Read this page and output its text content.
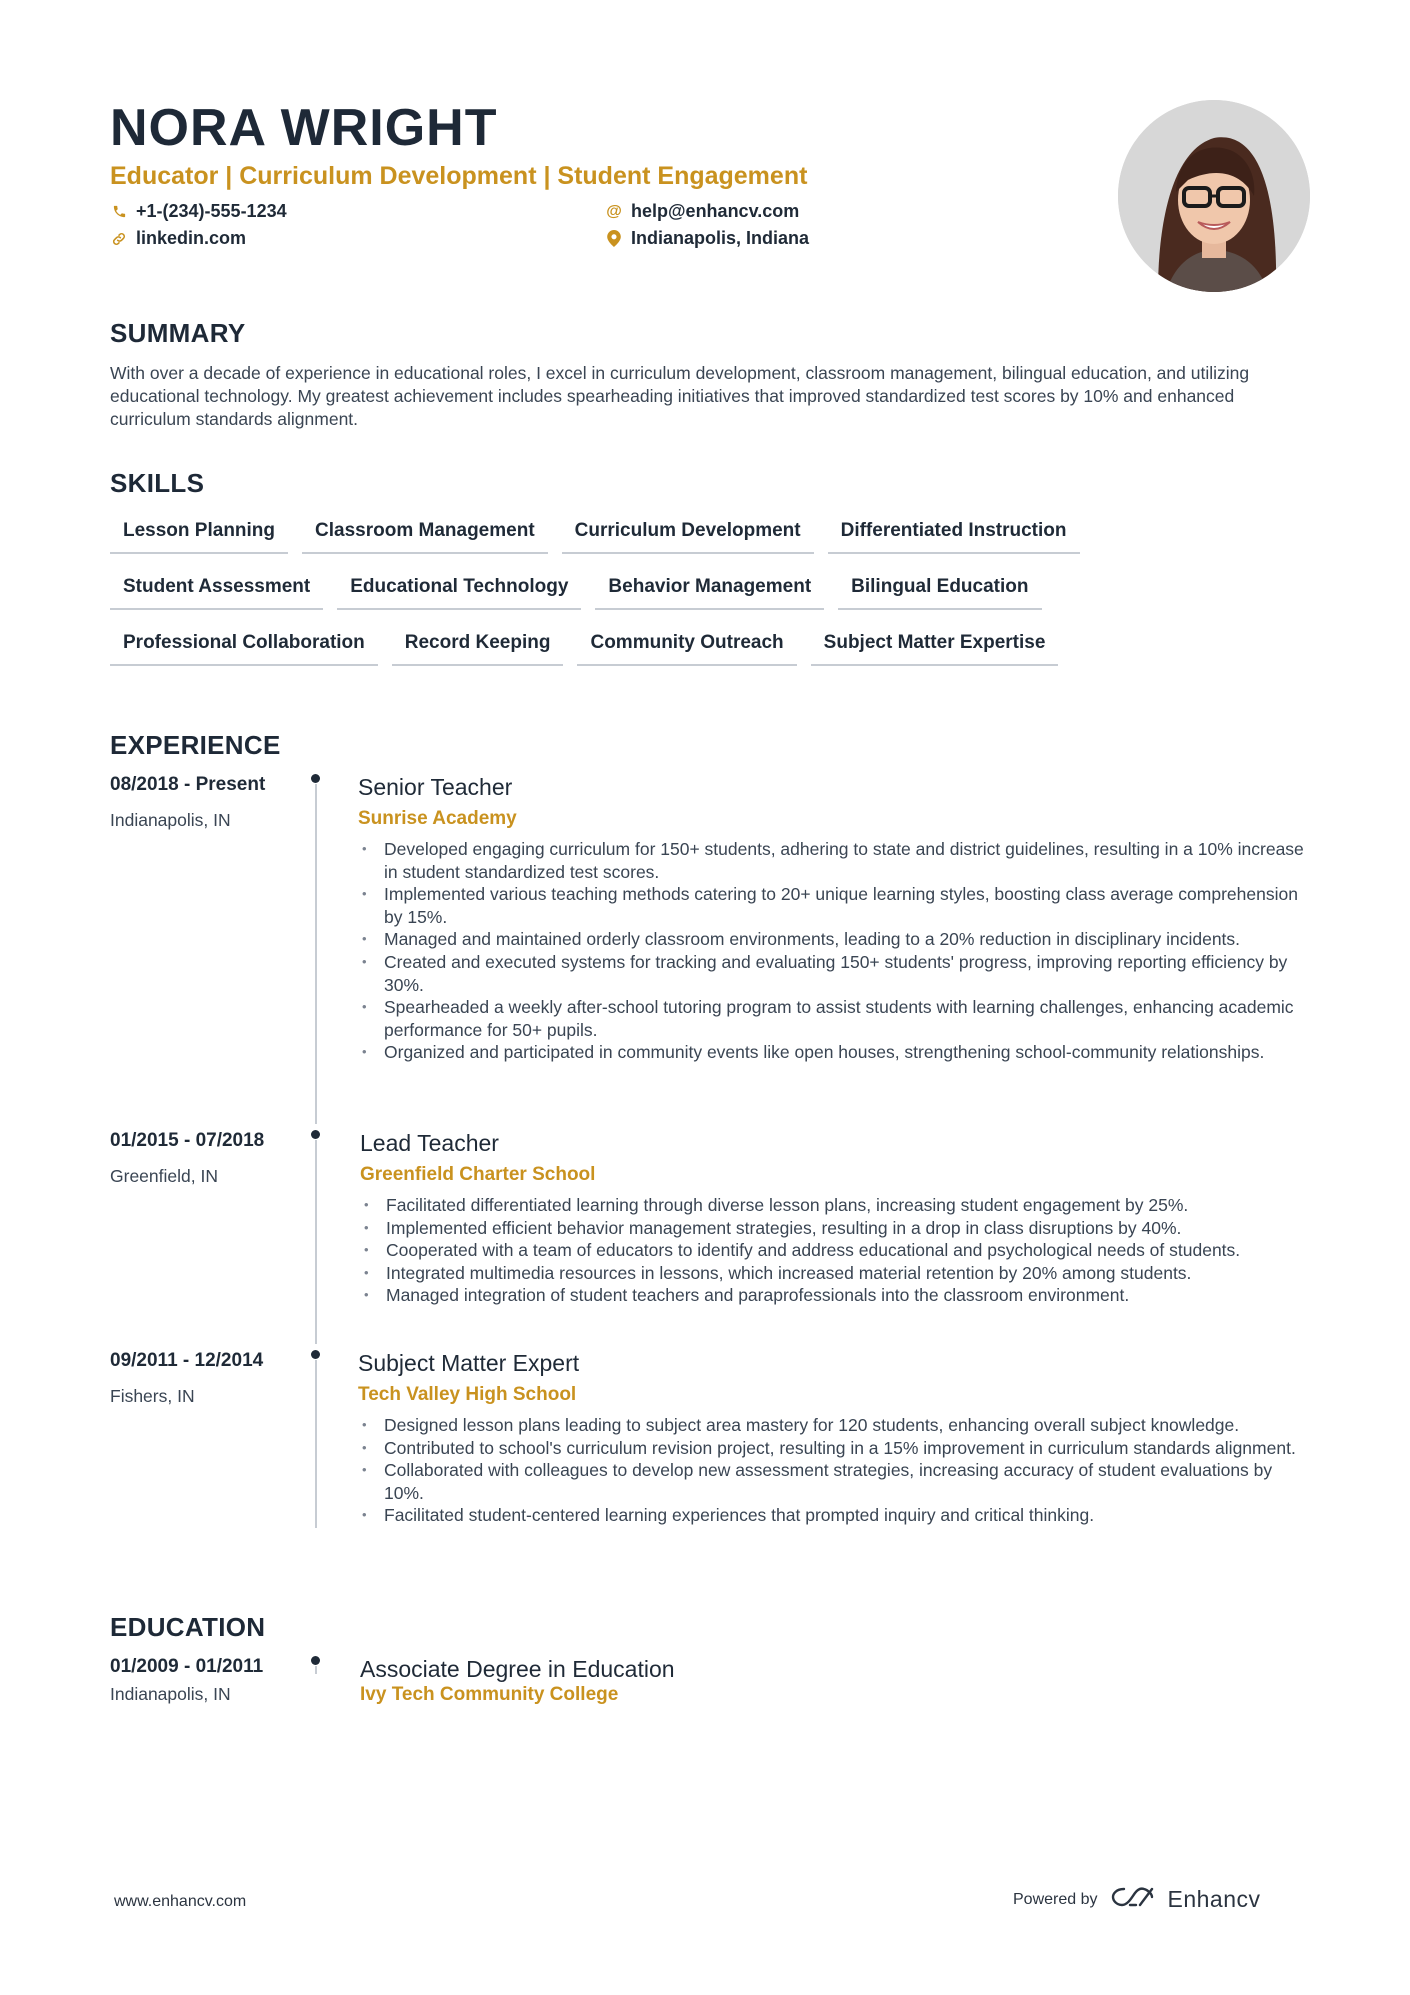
NORA WRIGHT
Educator | Curriculum Development | Student Engagement
+1-(234)-555-1234	@ help@enhancv.com
linkedin.com	Indianapolis, Indiana
SUMMARY
With over a decade of experience in educational roles, I excel in curriculum development, classroom management, bilingual education, and utilizing educational technology. My greatest achievement includes spearheading initiatives that improved standardized test scores by 10% and enhanced curriculum standards alignment.
SKILLS
Lesson Planning	Classroom Management	Curriculum Development	Differentiated Instruction
Student Assessment	Educational Technology	Behavior Management	Bilingual Education
Professional Collaboration	Record Keeping	Community Outreach	Subject Matter Expertise
EXPERIENCE
08/2018 - Present
Indianapolis, IN
Senior Teacher
Sunrise Academy
• Developed engaging curriculum for 150+ students, adhering to state and district guidelines, resulting in a 10% increase in student standardized test scores.
• Implemented various teaching methods catering to 20+ unique learning styles, boosting class average comprehension by 15%.
• Managed and maintained orderly classroom environments, leading to a 20% reduction in disciplinary incidents.
• Created and executed systems for tracking and evaluating 150+ students' progress, improving reporting efficiency by 30%.
• Spearheaded a weekly after-school tutoring program to assist students with learning challenges, enhancing academic performance for 50+ pupils.
• Organized and participated in community events like open houses, strengthening school-community relationships.
01/2015 - 07/2018
Greenfield, IN
Lead Teacher
Greenfield Charter School
• Facilitated differentiated learning through diverse lesson plans, increasing student engagement by 25%.
• Implemented efficient behavior management strategies, resulting in a drop in class disruptions by 40%.
• Cooperated with a team of educators to identify and address educational and psychological needs of students.
• Integrated multimedia resources in lessons, which increased material retention by 20% among students.
• Managed integration of student teachers and paraprofessionals into the classroom environment.
09/2011 - 12/2014
Fishers, IN
Subject Matter Expert
Tech Valley High School
• Designed lesson plans leading to subject area mastery for 120 students, enhancing overall subject knowledge.
• Contributed to school's curriculum revision project, resulting in a 15% improvement in curriculum standards alignment.
• Collaborated with colleagues to develop new assessment strategies, increasing accuracy of student evaluations by 10%.
• Facilitated student-centered learning experiences that prompted inquiry and critical thinking.
EDUCATION
01/2009 - 01/2011
Indianapolis, IN
Associate Degree in Education
Ivy Tech Community College
www.enhancv.com	Powered by	Enhancv
